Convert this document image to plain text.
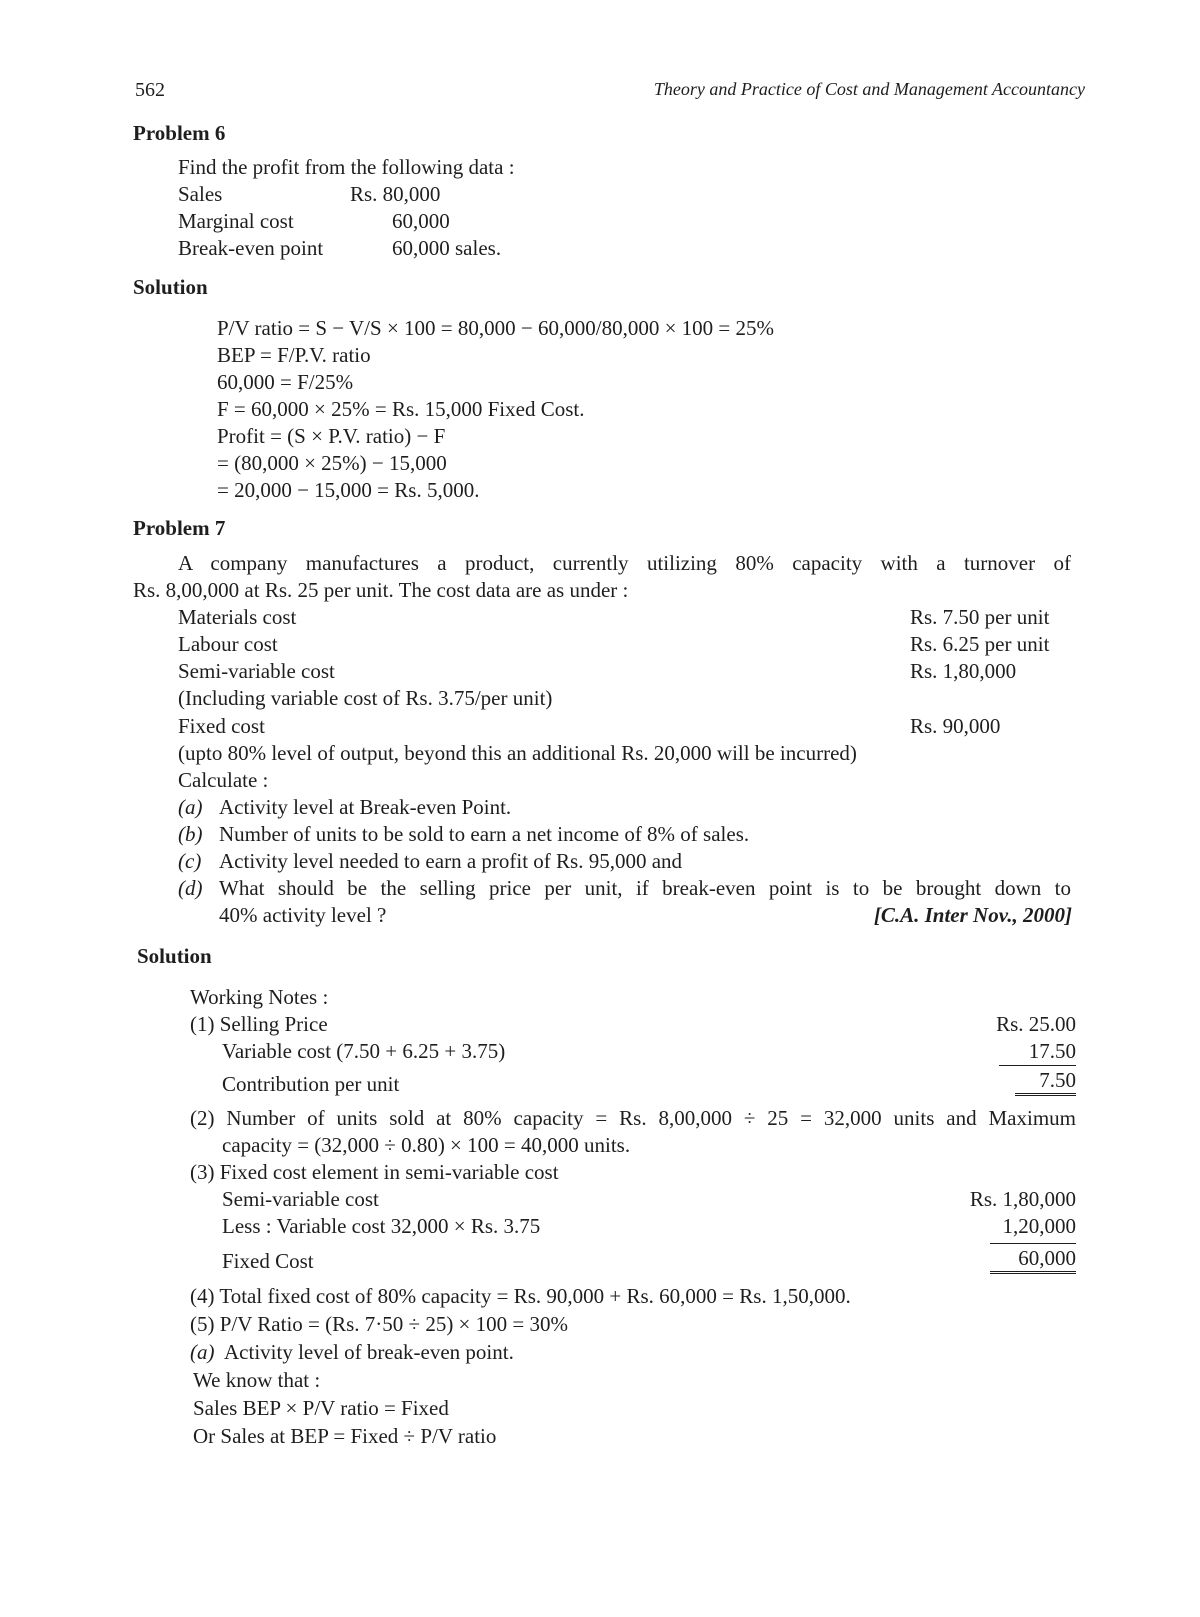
562	Theory and Practice of Cost and Management Accountancy
Problem 6
Find the profit from the following data :
Sales	Rs. 80,000
Marginal cost	60,000
Break-even point	60,000 sales.
Solution
P/V ratio = S − V/S × 100 = 80,000 − 60,000/80,000 × 100 = 25%
BEP = F/P.V. ratio
60,000 = F/25%
F = 60,000 × 25% = Rs. 15,000 Fixed Cost.
Profit = (S × P.V. ratio) − F
= (80,000 × 25%) − 15,000
= 20,000 − 15,000 = Rs. 5,000.
Problem 7
A company manufactures a product, currently utilizing 80% capacity with a turnover of
Rs. 8,00,000 at Rs. 25 per unit. The cost data are as under :
Materials cost	Rs. 7.50 per unit
Labour cost	Rs. 6.25 per unit
Semi-variable cost	Rs. 1,80,000
(Including variable cost of Rs. 3.75/per unit)
Fixed cost	Rs. 90,000
(upto 80% level of output, beyond this an additional Rs. 20,000 will be incurred)
Calculate :
(a) Activity level at Break-even Point.
(b) Number of units to be sold to earn a net income of 8% of sales.
(c) Activity level needed to earn a profit of Rs. 95,000 and
(d) What should be the selling price per unit, if break-even point is to be brought down to
40% activity level ?	[C.A. Inter Nov., 2000]
Solution
Working Notes :
(1) Selling Price	Rs. 25.00
Variable cost (7.50 + 6.25 + 3.75)	17.50
Contribution per unit	7.50
(2) Number of units sold at 80% capacity = Rs. 8,00,000 ÷ 25 = 32,000 units and Maximum
capacity = (32,000 ÷ 0.80) × 100 = 40,000 units.
(3) Fixed cost element in semi-variable cost
Semi-variable cost	Rs. 1,80,000
Less : Variable cost 32,000 × Rs. 3.75	1,20,000
Fixed Cost	60,000
(4) Total fixed cost of 80% capacity = Rs. 90,000 + Rs. 60,000 = Rs. 1,50,000.
(5) P/V Ratio = (Rs. 7·50 ÷ 25) × 100 = 30%
(a) Activity level of break-even point.
We know that :
Sales BEP × P/V ratio = Fixed
Or Sales at BEP = Fixed ÷ P/V ratio
